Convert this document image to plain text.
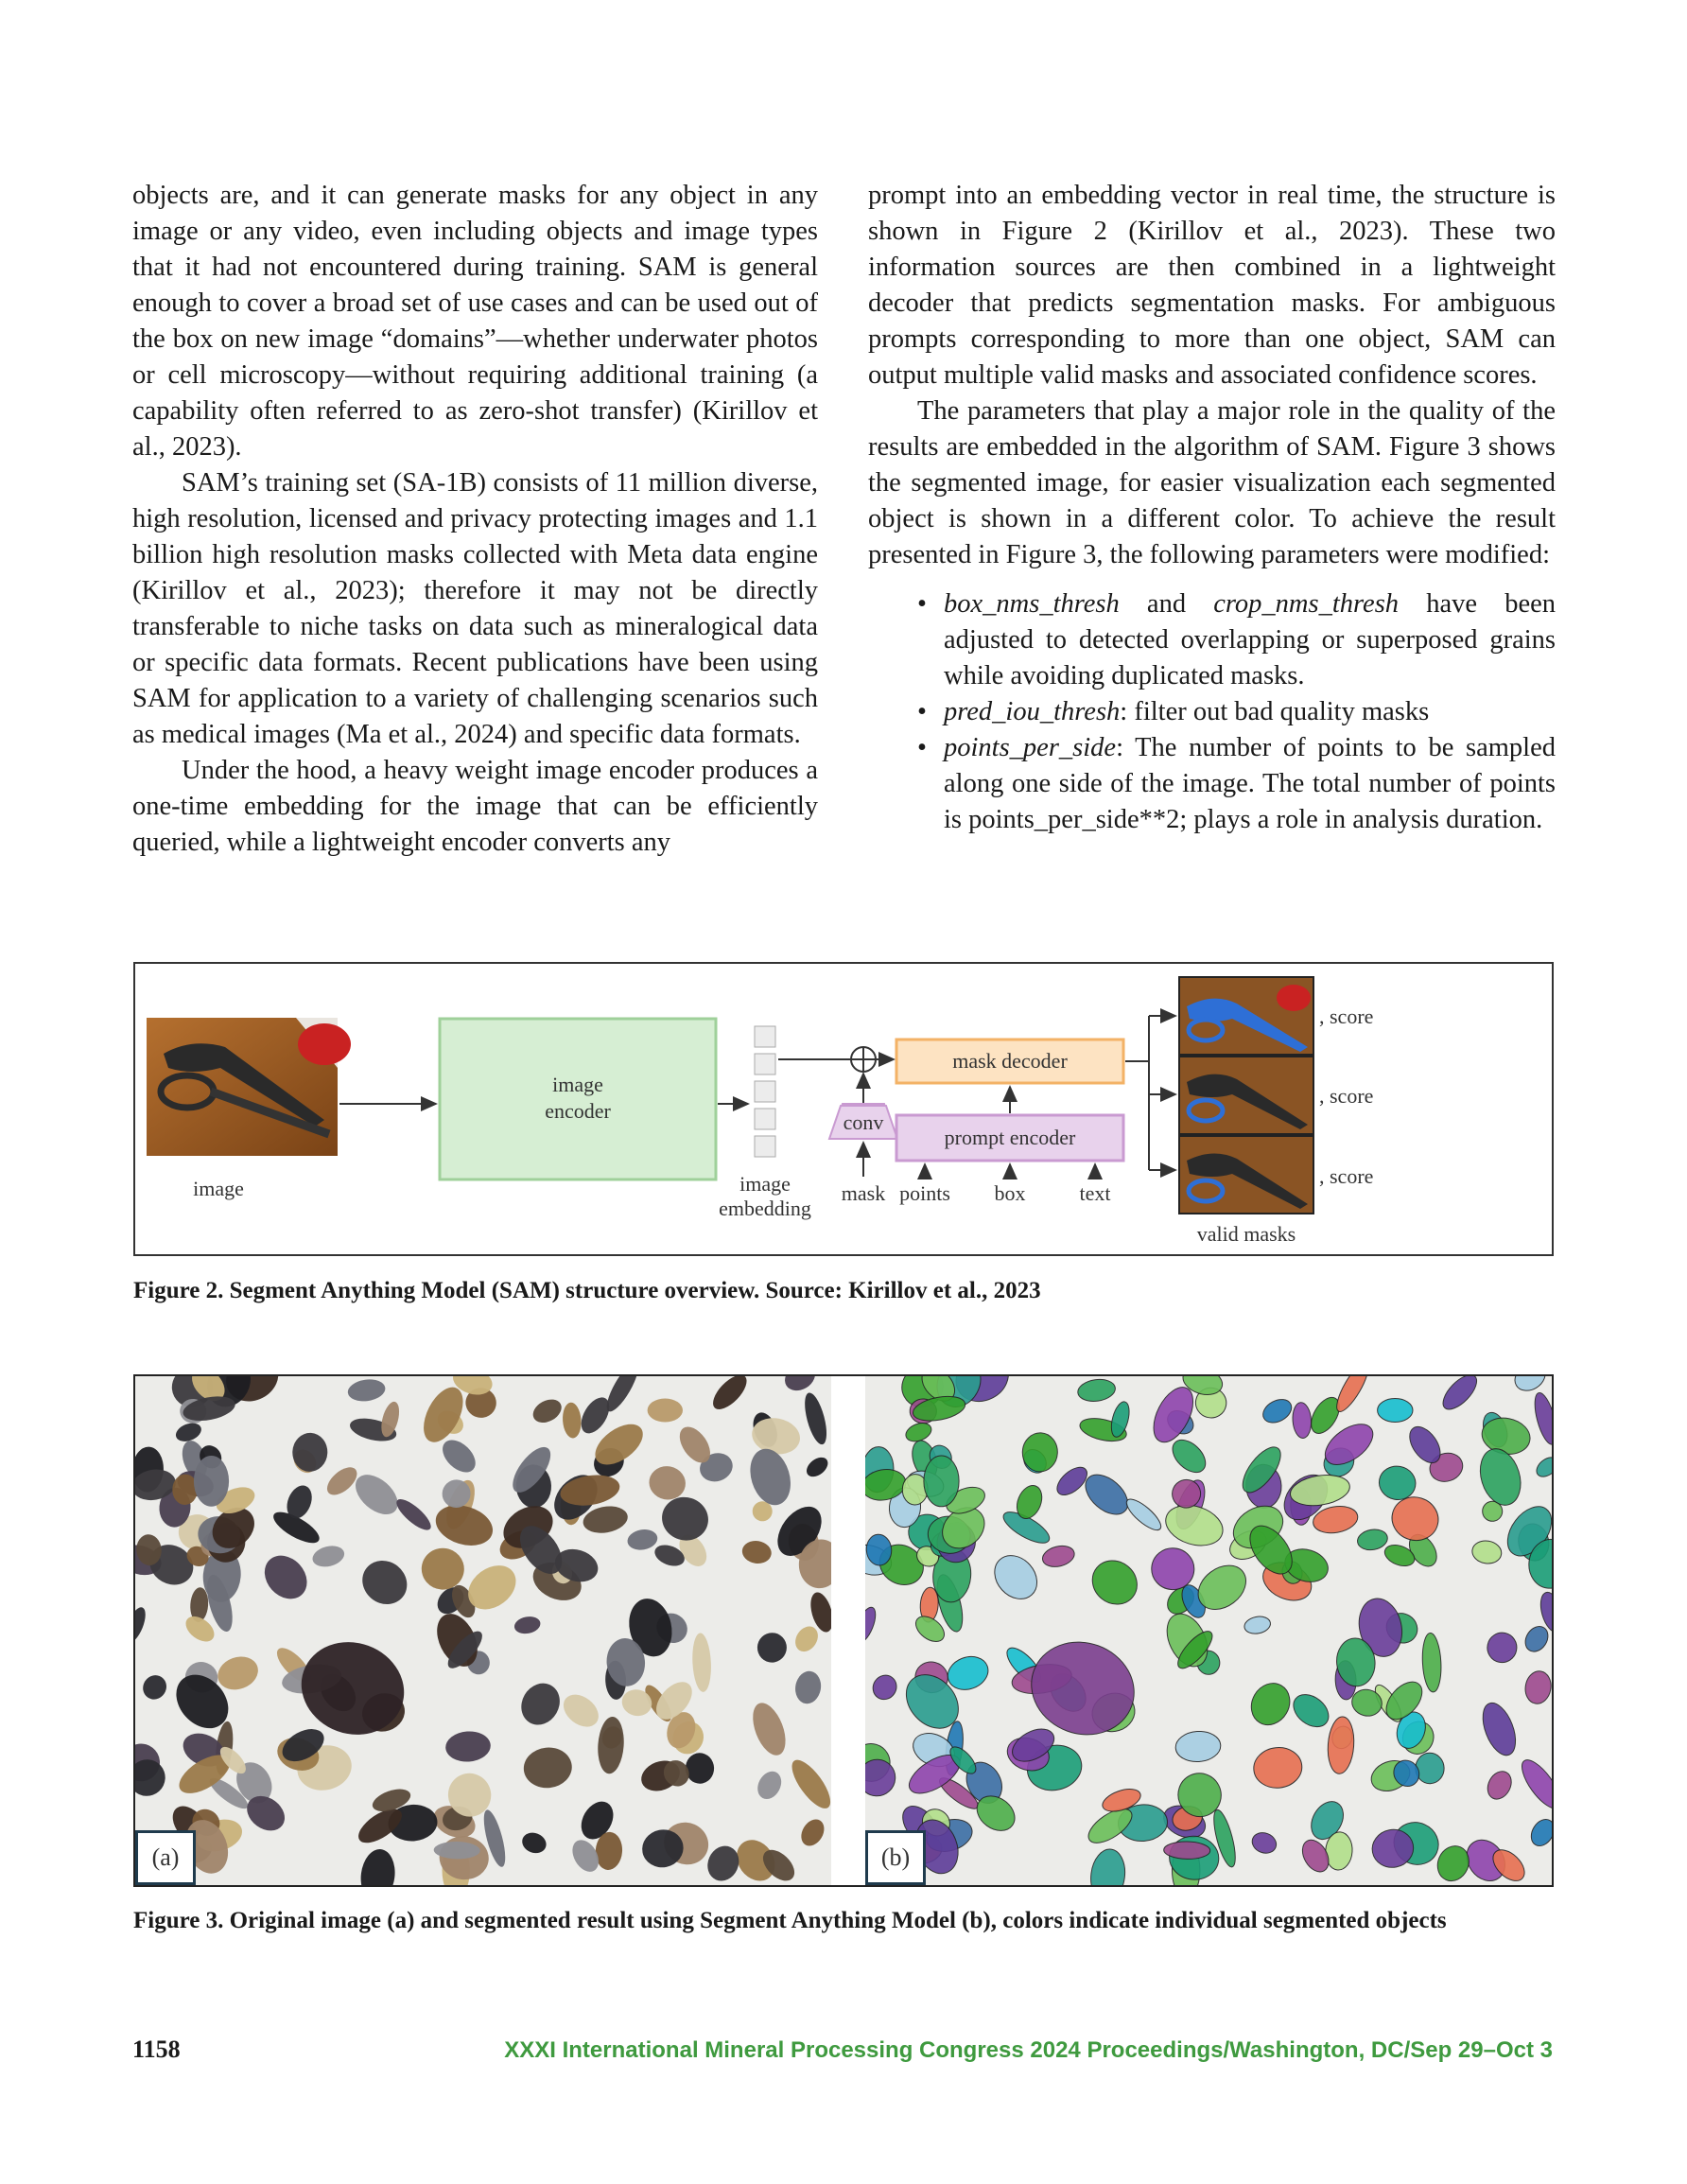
objects are, and it can generate masks for any object in any image or any video, even including objects and image types that it had not encountered during training. SAM is general enough to cover a broad set of use cases and can be used out of the box on new image “domains”—whether underwater photos or cell microscopy—without requiring additional training (a capability often referred to as zero-shot transfer) (Kirillov et al., 2023).

SAM’s training set (SA-1B) consists of 11 million diverse, high resolution, licensed and privacy protecting images and 1.1 billion high resolution masks collected with Meta data engine (Kirillov et al., 2023); therefore it may not be directly transferable to niche tasks on data such as mineralogical data or specific data formats. Recent publications have been using SAM for application to a variety of challenging scenarios such as medical images (Ma et al., 2024) and specific data formats.

Under the hood, a heavy weight image encoder produces a one-time embedding for the image that can be efficiently queried, while a lightweight encoder converts any

prompt into an embedding vector in real time, the structure is shown in Figure 2 (Kirillov et al., 2023). These two information sources are then combined in a lightweight decoder that predicts segmentation masks. For ambiguous prompts corresponding to more than one object, SAM can output multiple valid masks and associated confidence scores.

The parameters that play a major role in the quality of the results are embedded in the algorithm of SAM. Figure 3 shows the segmented image, for easier visualization each segmented object is shown in a different color. To achieve the result presented in Figure 3, the following parameters were modified:

• box_nms_thresh and crop_nms_thresh have been adjusted to detected overlapping or superposed grains while avoiding duplicated masks.
• pred_iou_thresh: filter out bad quality masks
• points_per_side: The number of points to be sampled along one side of the image. The total number of points is points_per_side**2; plays a role in analysis duration.
image
image
encoder
image
embedding
conv
mask decoder
prompt encoder
mask points box	text
, score
, score
, score
valid masks
Figure 2. Segment Anything Model (SAM) structure overview. Source: Kirillov et al., 2023
(a)	(b)
Figure 3. Original image (a) and segmented result using Segment Anything Model (b), colors indicate individual segmented objects
1158	XXXI International Mineral Processing Congress 2024 Proceedings/Washington, DC/Sep 29–Oct 3
